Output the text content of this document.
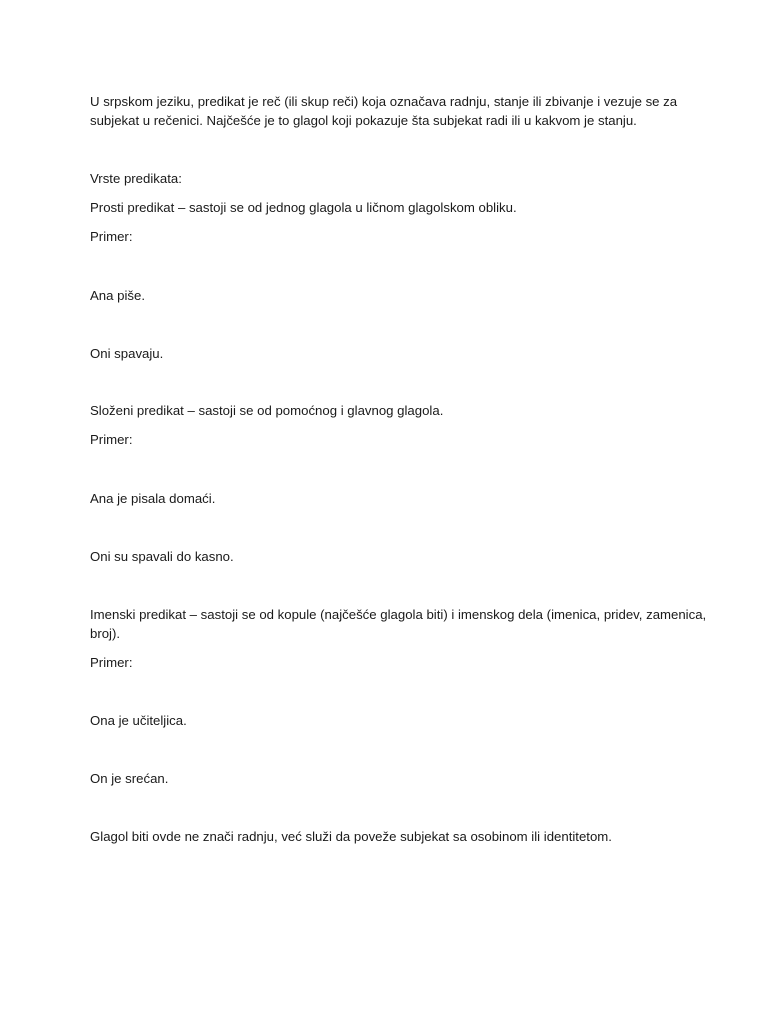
U srpskom jeziku, predikat je reč (ili skup reči) koja označava radnju, stanje ili zbivanje i vezuje se za

subjekat u rečenici. Najčešće je to glagol koji pokazuje šta subjekat radi ili u kakvom je stanju.

Vrste predikata:

Prosti predikat – sastoji se od jednog glagola u ličnom glagolskom obliku.

Primer:

Ana piše.

Oni spavaju.

Složeni predikat – sastoji se od pomoćnog i glavnog glagola.

Primer:

Ana je pisala domaći.

Oni su spavali do kasno.

Imenski predikat – sastoji se od kopule (najčešće glagola biti) i imenskog dela (imenica, pridev, zamenica,

broj).

Primer:

Ona je učiteljica.

On je srećan.

Glagol biti ovde ne znači radnju, već služi da poveže subjekat sa osobinom ili identitetom.
